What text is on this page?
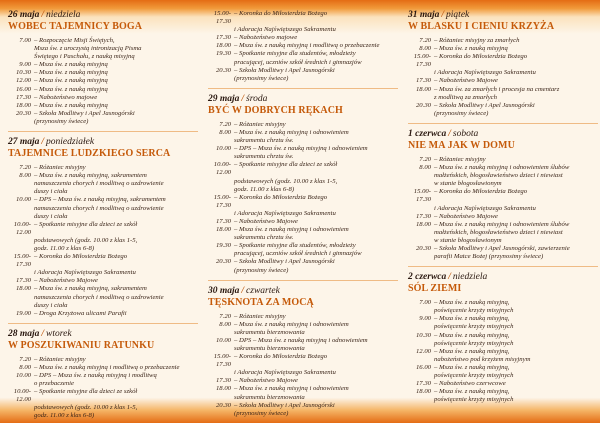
26 maja / niedziela
WOBEC TAJEMNICY BOGA
7.00 – Rozpoczęcie Misji Świętych,
Msza św. z uroczystą intronizacją Pisma
Świętego i Paschału, z nauką misyjną
9.00 – Msza św. z nauką misyjną
10.30 – Msza św. z nauką misyjną
12.00 – Msza św. z nauką misyjną
16.00 – Msza św. z nauką misyjną
17.30 – Nabożeństwo majowe
18.00 – Msza św. z nauką misyjną
20.30 – Szkoła Modlitwy i Apel Jasnogórski
(przynosimy świece)
27 maja / poniedziałek
TAJEMNICE LUDZKIEGO SERCA
7.20 – Różaniec misyjny
8.00 – Msza św. z nauką misyjną, sakramentem
namaszczenia chorych i modlitwą o uzdrowienie
duszy i ciała
10.00 – DPS – Msza św. z nauką misyjną, sakramentem
namaszczenia chorych i modlitwą o uzdrowienie
duszy i ciała
10.00-12.00
– Spotkanie misyjne dla dzieci ze szkół
podstawowych (godz. 10.00 z klas 1-5,
godz. 11.00 z klas 6-8)
15.00-17.30
– Koronka do Miłosierdzia Bożego
i Adoracja Najświętszego Sakramentu
17.30 – Nabożeństwo Majowe
18.00 – Msza św. z nauką misyjną, sakramentem
namaszczenia chorych i modlitwą o uzdrowienie
duszy i ciała
19.00 – Droga Krzyżowa ulicami Parafii
28 maja / wtorek
W POSZUKIWANIU RATUNKU
7.20 – Różaniec misyjny
8.00 – Msza św. z nauką misyjną i modlitwą o przebaczenie
10.00 – DPS – Msza św. z nauką misyjną i modlitwą
o przebaczenie
10.00-12.00
– Spotkanie misyjne dla dzieci ze szkół
podstawowych (godz. 10.00 z klas 1-5,
godz. 11.00 z klas 6-8)
15.00-17.30
– Koronka do Miłosierdzia Bożego
i Adoracja Najświętszego Sakramentu
17.30 – Nabożeństwo majowe
18.00 – Msza św. z nauką misyjną i modlitwą o przebaczenie
19.30 – Spotkanie misyjne dla studentów, młodzieży
pracującej, uczniów szkół średnich i gimnazjów
20.30 – Szkoła Modlitwy i Apel Jasnogórski
(przynosimy świece)
29 maja / środa
BYĆ W DOBRYCH RĘKACH
7.20 – Różaniec misyjny
8.00 – Msza św. z nauką misyjną i odnowieniem
sakramentu chrztu św.
10.00 – DPS – Msza św. z nauką misyjną i odnowieniem
sakramentu chrztu św.
10.00-12.00
– Spotkanie misyjne dla dzieci ze szkół
podstawowych (godz. 10.00 z klas 1-5,
godz. 11.00 z klas 6-8)
15.00-17.30
– Koronka do Miłosierdzia Bożego
i Adoracja Najświętszego Sakramentu
17.30 – Nabożeństwo Majowe
18.00 – Msza św. z nauką misyjną i odnowieniem
sakramentu chrztu św.
19.30 – Spotkanie misyjne dla studentów, młodzieży
pracującej, uczniów szkół średnich i gimnazjów
20.30 – Szkoła Modlitwy i Apel Jasnogórski
(przynosimy świece)
30 maja / czwartek
TĘSKNOTA ZA MOCĄ
7.20 – Różaniec misyjny
8.00 – Msza św. z nauką misyjną i odnowieniem
sakramentu bierzmowania
10.00 – DPS – Msza św. z nauką misyjną i odnowieniem
sakramentu bierzmowania
15.00-17.30
– Koronka do Miłosierdzia Bożego
i Adoracja Najświętszego Sakramentu
17.30 – Nabożeństwo Majowe
18.00 – Msza św. z nauką misyjną i odnowieniem
sakramentu bierzmowania
20.30 – Szkoła Modlitwy i Apel Jasnogórski
(przynosimy świece)
31 maja / piątek
W BLASKU I CIENIU KRZYŻA
7.20 – Różaniec misyjny za zmarłych
8.00 – Msza św. z nauką misyjną
15.00-17.30
– Koronka do Miłosierdzia Bożego
i Adoracja Najświętszego Sakramentu
17.30 – Nabożeństwo Majowe
18.00 – Msza św. za zmarłych i procesja na cmentarz
z modlitwą za zmarłych
20.30 – Szkoła Modlitwy i Apel Jasnogórski
(przynosimy świece)
1 czerwca / sobota
NIE MA JAK W DOMU
7.20 – Różaniec misyjny
8.00 – Msza św. z nauką misyjną i odnowieniem ślubów
małżeńskich, błogosławieństwo dzieci i niewiast
w stanie błogosławionym
15.00-17.30
– Koronka do Miłosierdzia Bożego
i Adoracja Najświętszego Sakramentu
17.30 – Nabożeństwo Majowe
18.00 – Msza św. z nauką misyjną i odnowieniem ślubów
małżeńskich, błogosławieństwo dzieci i niewiast
w stanie błogosławionym
20.30 – Szkoła Modlitwy i Apel Jasnogórski, zawierzenie
parafii Matce Bożej (przynosimy świece)
2 czerwca / niedziela
SÓL ZIEMI
7.00 – Msza św. z nauką misyjną,
poświęcenie krzyży misyjnych
9.00 – Msza św. z nauką misyjną,
poświęcenie krzyży misyjnych
10.30 – Msza św. z nauką misyjną,
poświęcenie krzyży misyjnych
12.00 – Msza św. z nauką misyjną,
nabożeństwo pod krzyżem misyjnym
16.00 – Msza św. z nauką misyjną,
poświęcenie krzyży misyjnych
17.30 – Nabożeństwo czerwcowe
18.00 – Msza św. z nauką misyjną,
poświęcenie krzyży misyjnych
